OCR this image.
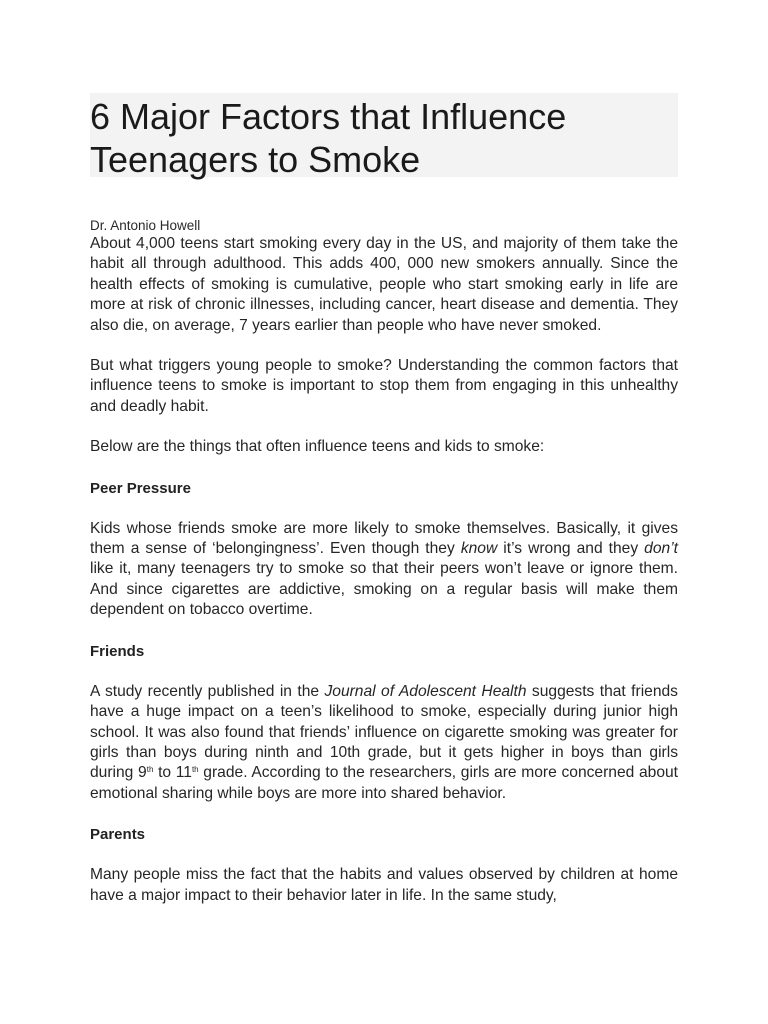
6 Major Factors that Influence Teenagers to Smoke
Dr. Antonio Howell

About 4,000 teens start smoking every day in the US, and majority of them take the habit all through adulthood. This adds 400, 000 new smokers annually. Since the health effects of smoking is cumulative, people who start smoking early in life are more at risk of chronic illnesses, including cancer, heart disease and dementia. They also die, on average, 7 years earlier than people who have never smoked.

But what triggers young people to smoke? Understanding the common factors that influence teens to smoke is important to stop them from engaging in this unhealthy and deadly habit.

Below are the things that often influence teens and kids to smoke:

Peer Pressure

Kids whose friends smoke are more likely to smoke themselves. Basically, it gives them a sense of ‘belongingness’. Even though they know it’s wrong and they don’t like it, many teenagers try to smoke so that their peers won’t leave or ignore them. And since cigarettes are addictive, smoking on a regular basis will make them dependent on tobacco overtime.

Friends

A study recently published in the Journal of Adolescent Health suggests that friends have a huge impact on a teen’s likelihood to smoke, especially during junior high school. It was also found that friends’ influence on cigarette smoking was greater for girls than boys during ninth and 10th grade, but it gets higher in boys than girls during 9th to 11th grade. According to the researchers, girls are more concerned about emotional sharing while boys are more into shared behavior.

Parents

Many people miss the fact that the habits and values observed by children at home have a major impact to their behavior later in life. In the same study,
